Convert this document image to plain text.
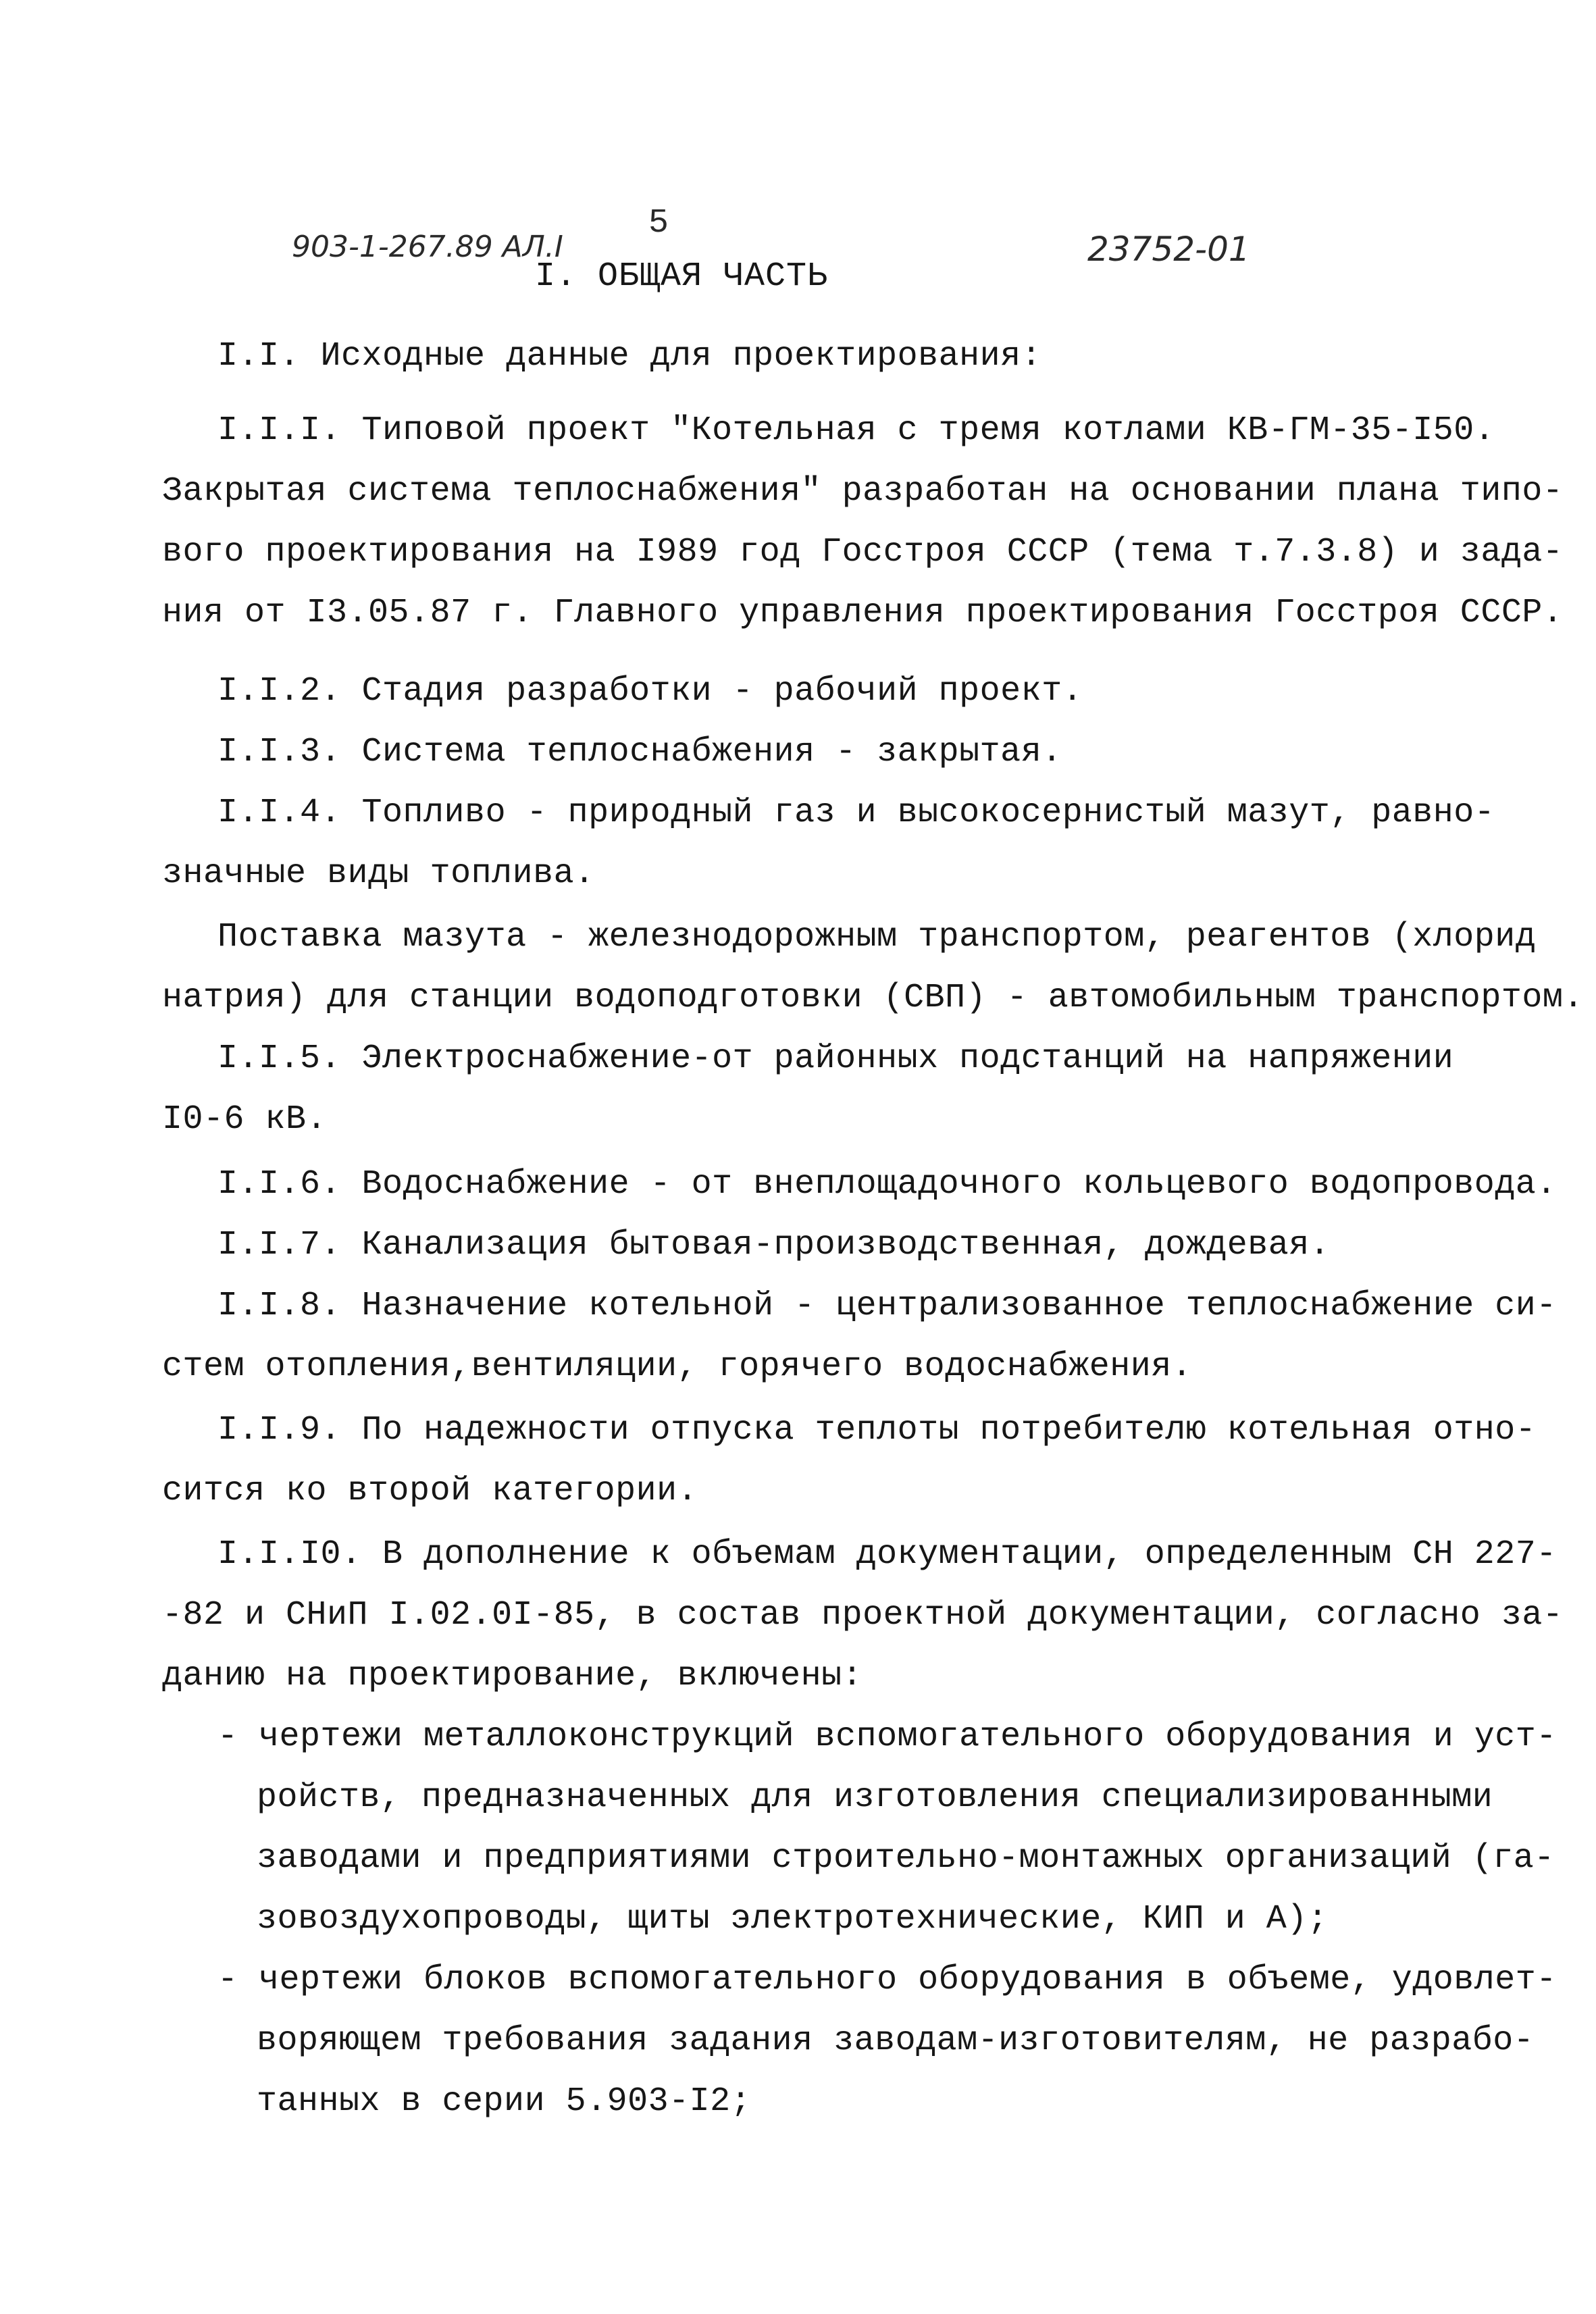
903-1-267.89 АЛ.I
5
23752-01
I. ОБЩАЯ ЧАСТЬ
I.I. Исходные данные для проектирования:
I.I.I. Типовой проект "Котельная с тремя котлами КВ-ГМ-35-I50.
Закрытая система теплоснабжения" разработан на основании плана типо-
вого проектирования на I989 год Госстроя СССР (тема т.7.3.8) и зада-
ния от I3.05.87 г. Главного управления проектирования Госстроя СССР.
I.I.2. Стадия разработки - рабочий проект.
I.I.3. Система теплоснабжения - закрытая.
I.I.4. Топливо - природный газ и высокосернистый мазут, равно-
значные виды топлива.
Поставка мазута - железнодорожным транспортом, реагентов (хлорид
натрия) для станции водоподготовки (СВП) - автомобильным транспортом.
I.I.5. Электроснабжение-от районных подстанций на напряжении
I0-6 кВ.
I.I.6. Водоснабжение - от внеплощадочного кольцевого водопровода.
I.I.7. Канализация бытовая-производственная, дождевая.
I.I.8. Назначение котельной - централизованное теплоснабжение си-
стем отопления,вентиляции, горячего водоснабжения.
I.I.9. По надежности отпуска теплоты потребителю котельная отно-
сится ко второй категории.
I.I.I0. В дополнение к объемам документации, определенным СН 227-
-82 и СНиП I.02.0I-85, в состав проектной документации, согласно за-
данию на проектирование, включены:
- чертежи металлоконструкций вспомогательного оборудования и уст-
ройств, предназначенных для изготовления специализированными
заводами и предприятиями строительно-монтажных организаций (га-
зовоздухопроводы, щиты электротехнические, КИП и А);
- чертежи блоков вспомогательного оборудования в объеме, удовлет-
воряющем требования задания заводам-изготовителям, не разрабо-
танных в серии 5.903-I2;
